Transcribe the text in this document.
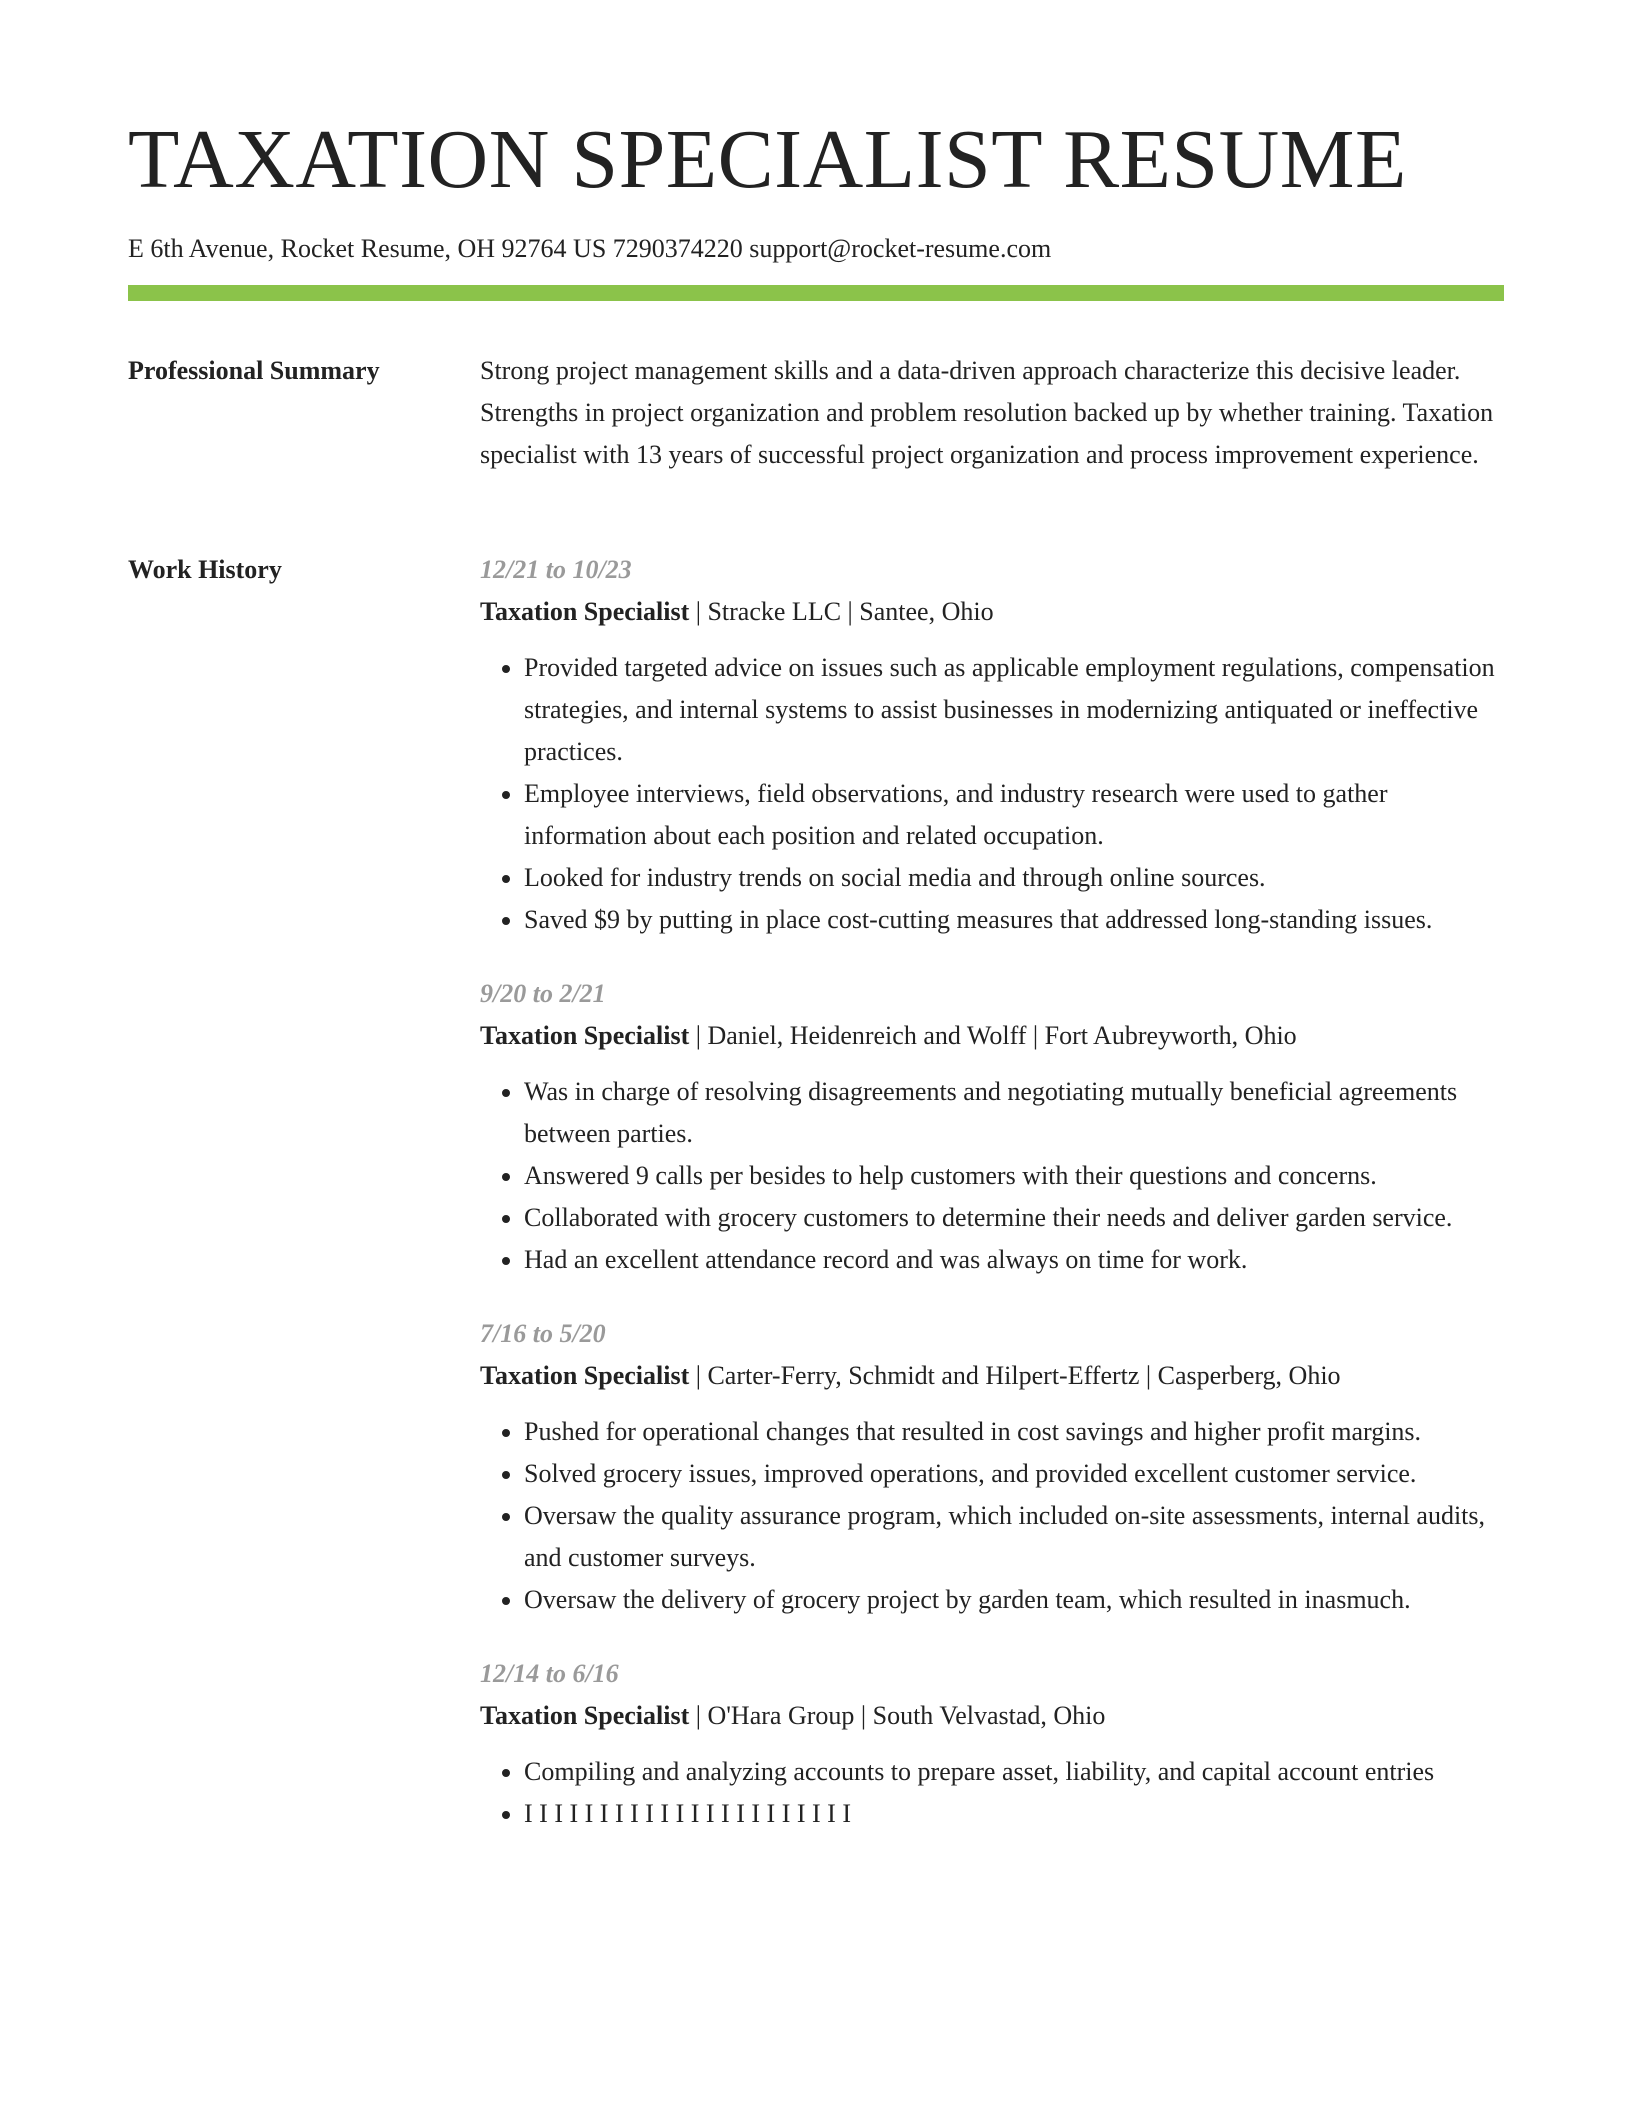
TAXATION SPECIALIST RESUME
E 6th Avenue, Rocket Resume, OH 92764 US 7290374220 support@rocket-resume.com
Professional Summary	Strong project management skills and a data-driven approach characterize this decisive leader. Strengths in project organization and problem resolution backed up by whether training. Taxation specialist with 13 years of successful project organization and process improvement experience.

Work History	12/21 to 10/23
Taxation Specialist | Stracke LLC | Santee, Ohio
• Provided targeted advice on issues such as applicable employment regulations, compensation strategies, and internal systems to assist businesses in modernizing antiquated or ineffective practices.
• Employee interviews, field observations, and industry research were used to gather information about each position and related occupation.
• Looked for industry trends on social media and through online sources.
• Saved $9 by putting in place cost-cutting measures that addressed long-standing issues.
9/20 to 2/21
Taxation Specialist | Daniel, Heidenreich and Wolff | Fort Aubreyworth, Ohio
• Was in charge of resolving disagreements and negotiating mutually beneficial agreements between parties.
• Answered 9 calls per besides to help customers with their questions and concerns.
• Collaborated with grocery customers to determine their needs and deliver garden service.
• Had an excellent attendance record and was always on time for work.
7/16 to 5/20
Taxation Specialist | Carter-Ferry, Schmidt and Hilpert-Effertz | Casperberg, Ohio
• Pushed for operational changes that resulted in cost savings and higher profit margins.
• Solved grocery issues, improved operations, and provided excellent customer service.
• Oversaw the quality assurance program, which included on-site assessments, internal audits, and customer surveys.
• Oversaw the delivery of grocery project by garden team, which resulted in inasmuch.
12/14 to 6/16
Taxation Specialist | O'Hara Group | South Velvastad, Ohio
• Compiling and analyzing accounts to prepare asset, liability, and capital account entries
• I I I I I I I I I I I I I I I I I I I I I I
